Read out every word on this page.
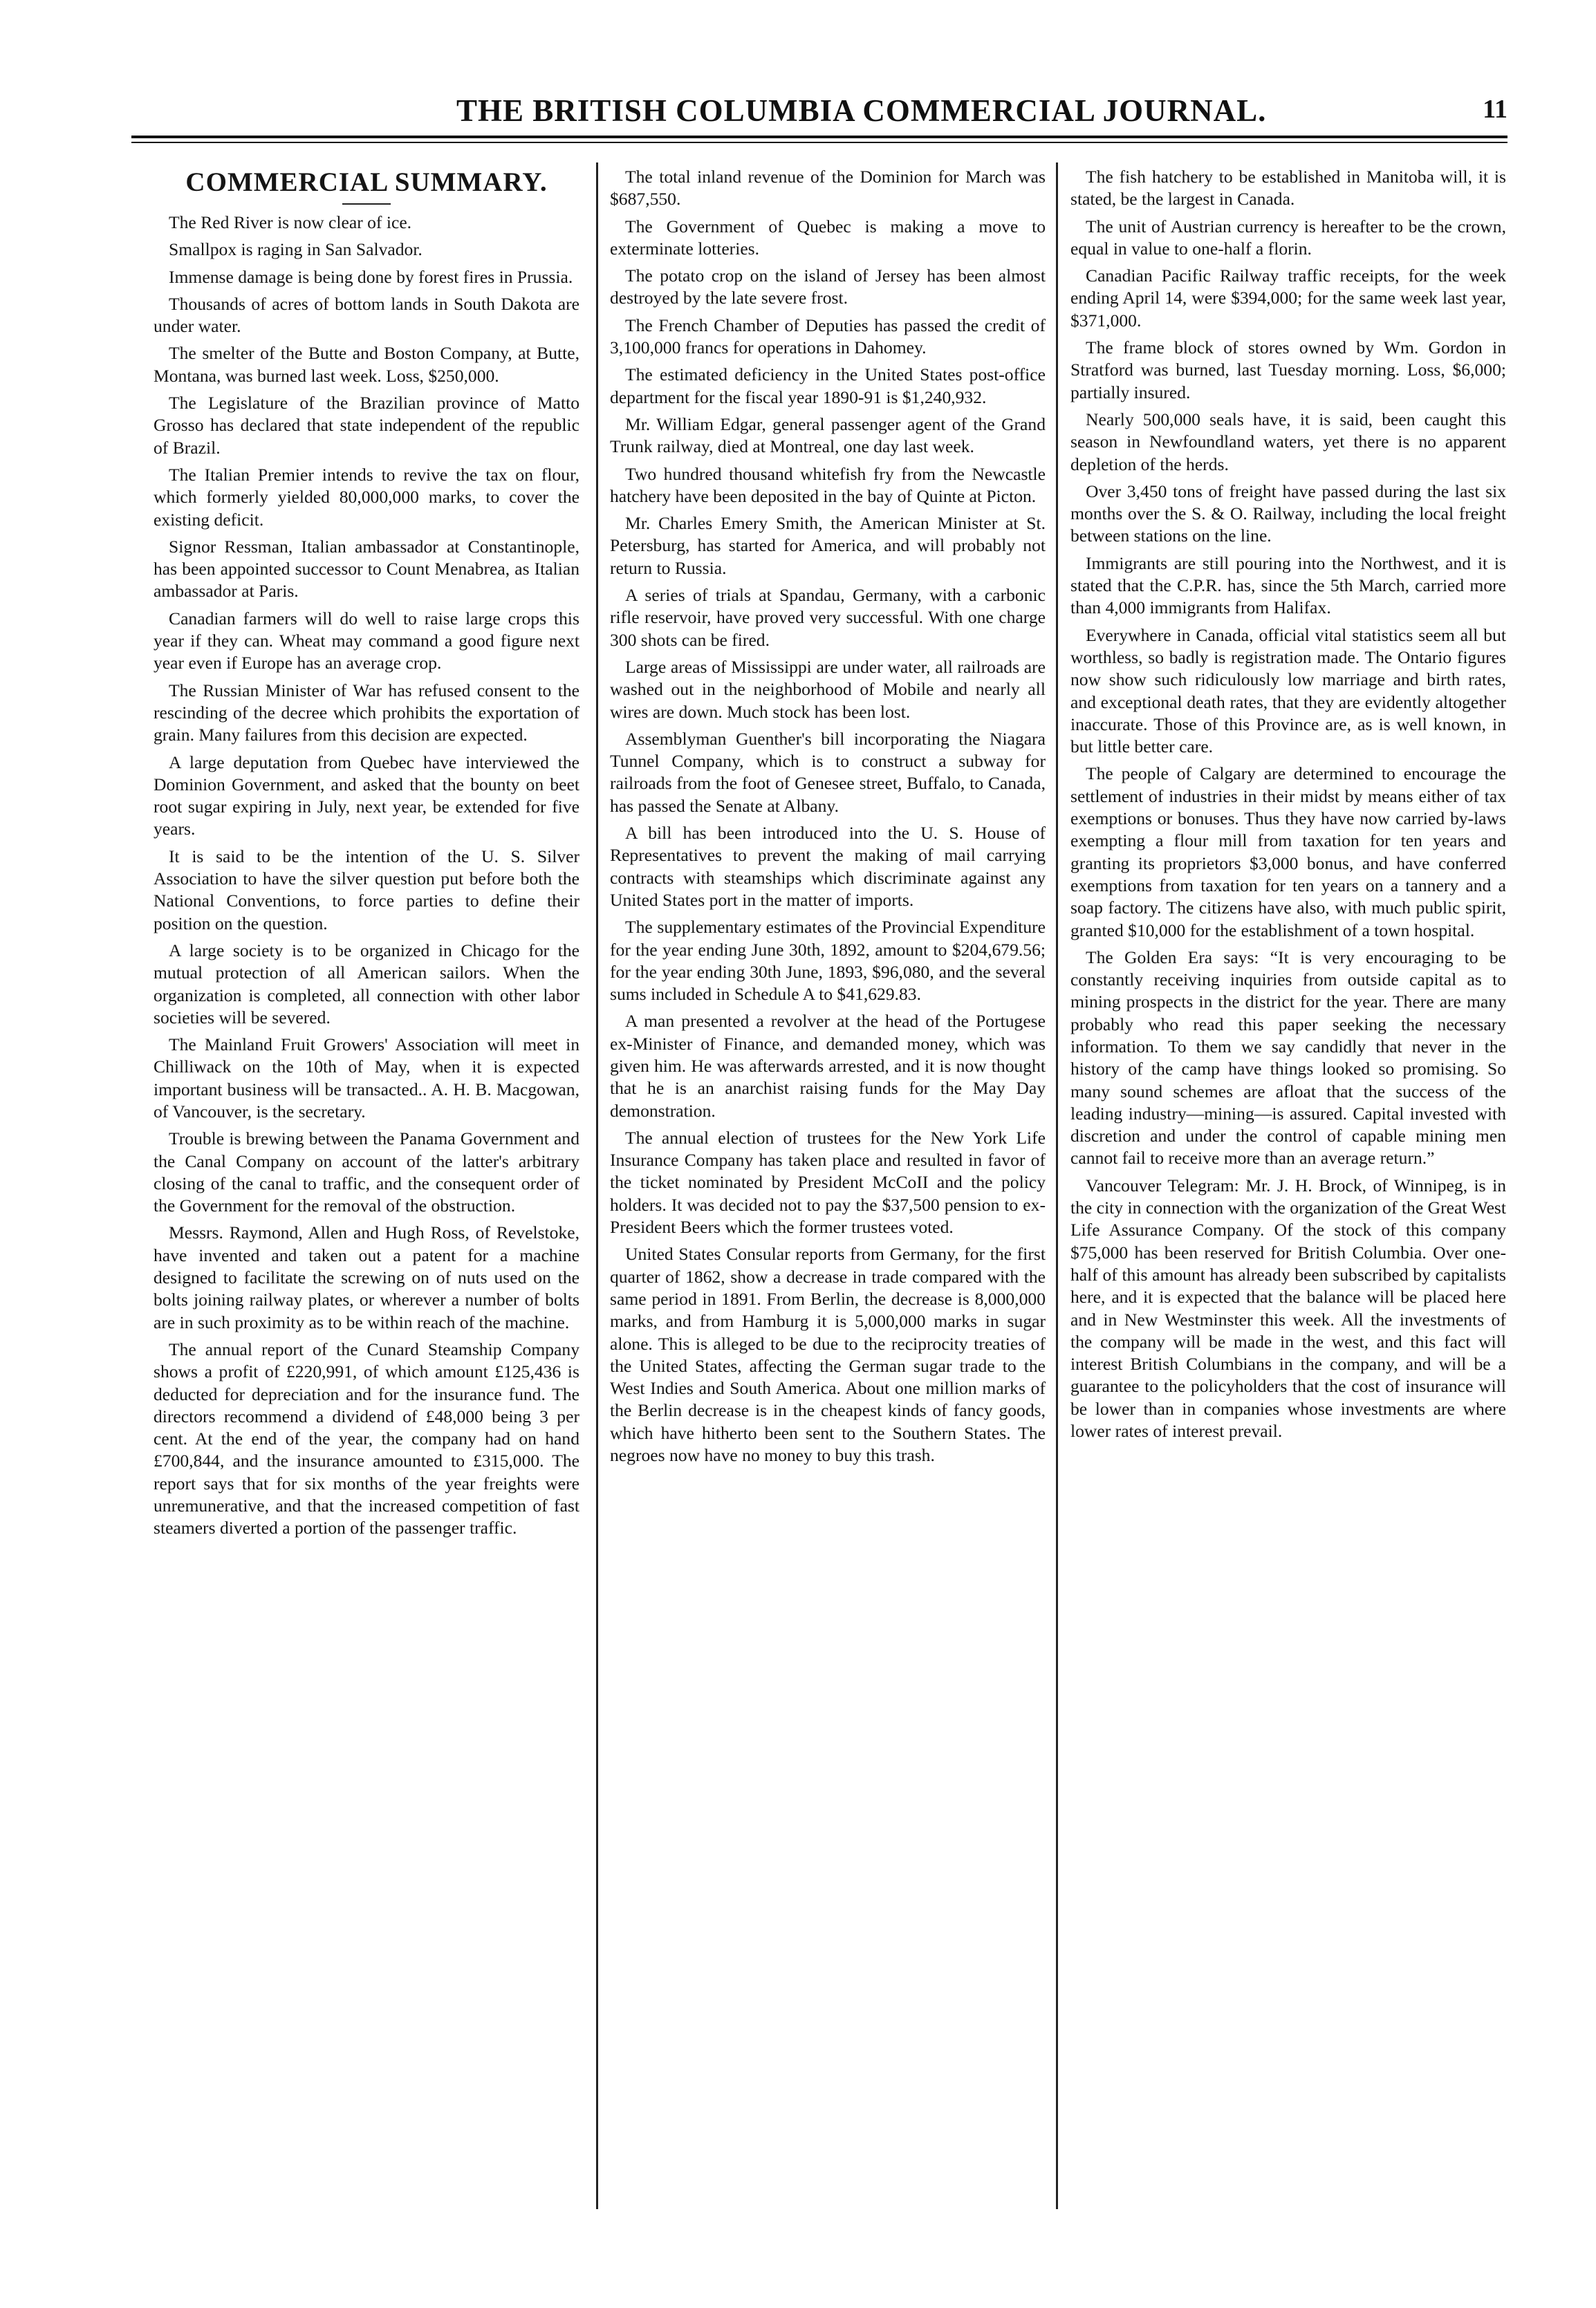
THE BRITISH COLUMBIA COMMERCIAL JOURNAL.	11
COMMERCIAL SUMMARY.

The Red River is now clear of ice.

Smallpox is raging in San Salvador.

Immense damage is being done by forest fires in Prussia.

Thousands of acres of bottom lands in South Dakota are under water.

The smelter of the Butte and Boston Company, at Butte, Montana, was burned last week. Loss, $250,000.

The Legislature of the Brazilian province of Matto Grosso has declared that state independent of the republic of Brazil.

The Italian Premier intends to revive the tax on flour, which formerly yielded 80,000,000 marks, to cover the existing deficit.

Signor Ressman, Italian ambassador at Constantinople, has been appointed successor to Count Menabrea, as Italian ambassador at Paris.

Canadian farmers will do well to raise large crops this year if they can. Wheat may command a good figure next year even if Europe has an average crop.

The Russian Minister of War has refused consent to the rescinding of the decree which prohibits the exportation of grain. Many failures from this decision are expected.

A large deputation from Quebec have interviewed the Dominion Government, and asked that the bounty on beet root sugar expiring in July, next year, be extended for five years.

It is said to be the intention of the U. S. Silver Association to have the silver question put before both the National Conventions, to force parties to define their position on the question.

A large society is to be organized in Chicago for the mutual protection of all American sailors. When the organization is completed, all connection with other labor societies will be severed.

The Mainland Fruit Growers' Association will meet in Chilliwack on the 10th of May, when it is expected important business will be transacted.. A. H. B. Macgowan, of Vancouver, is the secretary.

Trouble is brewing between the Panama Government and the Canal Company on account of the latter's arbitrary closing of the canal to traffic, and the consequent order of the Government for the removal of the obstruction.

Messrs. Raymond, Allen and Hugh Ross, of Revelstoke, have invented and taken out a patent for a machine designed to facilitate the screwing on of nuts used on the bolts joining railway plates, or wherever a number of bolts are in such proximity as to be within reach of the machine.

The annual report of the Cunard Steamship Company shows a profit of £220,991, of which amount £125,436 is deducted for depreciation and for the insurance fund. The directors recommend a dividend of £48,000 being 3 per cent. At the end of the year, the company had on hand £700,844, and the insurance amounted to £315,000. The report says that for six months of the year freights were unremunerative, and that the increased competition of fast steamers diverted a portion of the passenger traffic.

The total inland revenue of the Dominion for March was $687,550.

The Government of Quebec is making a move to exterminate lotteries.

The potato crop on the island of Jersey has been almost destroyed by the late severe frost.

The French Chamber of Deputies has passed the credit of 3,100,000 francs for operations in Dahomey.

The estimated deficiency in the United States post-office department for the fiscal year 1890-91 is $1,240,932.

Mr. William Edgar, general passenger agent of the Grand Trunk railway, died at Montreal, one day last week.

Two hundred thousand whitefish fry from the Newcastle hatchery have been deposited in the bay of Quinte at Picton.

Mr. Charles Emery Smith, the American Minister at St. Petersburg, has started for America, and will probably not return to Russia.

A series of trials at Spandau, Germany, with a carbonic rifle reservoir, have proved very successful. With one charge 300 shots can be fired.

Large areas of Mississippi are under water, all railroads are washed out in the neighborhood of Mobile and nearly all wires are down. Much stock has been lost.

Assemblyman Guenther's bill incorporating the Niagara Tunnel Company, which is to construct a subway for railroads from the foot of Genesee street, Buffalo, to Canada, has passed the Senate at Albany.

A bill has been introduced into the U. S. House of Representatives to prevent the making of mail carrying contracts with steamships which discriminate against any United States port in the matter of imports.

The supplementary estimates of the Provincial Expenditure for the year ending June 30th, 1892, amount to $204,679.56; for the year ending 30th June, 1893, $96,080, and the several sums included in Schedule A to $41,629.83.

A man presented a revolver at the head of the Portugese ex-Minister of Finance, and demanded money, which was given him. He was afterwards arrested, and it is now thought that he is an anarchist raising funds for the May Day demonstration.

The annual election of trustees for the New York Life Insurance Company has taken place and resulted in favor of the ticket nominated by President McCoII and the policy holders. It was decided not to pay the $37,500 pension to ex-President Beers which the former trustees voted.

United States Consular reports from Germany, for the first quarter of 1862, show a decrease in trade compared with the same period in 1891. From Berlin, the decrease is 8,000,000 marks, and from Hamburg it is 5,000,000 marks in sugar alone. This is alleged to be due to the reciprocity treaties of the United States, affecting the German sugar trade to the West Indies and South America. About one million marks of the Berlin decrease is in the cheapest kinds of fancy goods, which have hitherto been sent to the Southern States. The negroes now have no money to buy this trash.

The fish hatchery to be established in Manitoba will, it is stated, be the largest in Canada.

The unit of Austrian currency is hereafter to be the crown, equal in value to one-half a florin.

Canadian Pacific Railway traffic receipts, for the week ending April 14, were $394,000; for the same week last year, $371,000.

The frame block of stores owned by Wm. Gordon in Stratford was burned, last Tuesday morning. Loss, $6,000; partially insured.

Nearly 500,000 seals have, it is said, been caught this season in Newfoundland waters, yet there is no apparent depletion of the herds.

Over 3,450 tons of freight have passed during the last six months over the S. & O. Railway, including the local freight between stations on the line.

Immigrants are still pouring into the Northwest, and it is stated that the C.P.R. has, since the 5th March, carried more than 4,000 immigrants from Halifax.

Everywhere in Canada, official vital statistics seem all but worthless, so badly is registration made. The Ontario figures now show such ridiculously low marriage and birth rates, and exceptional death rates, that they are evidently altogether inaccurate. Those of this Province are, as is well known, in but little better care.

The people of Calgary are determined to encourage the settlement of industries in their midst by means either of tax exemptions or bonuses. Thus they have now carried by-laws exempting a flour mill from taxation for ten years and granting its proprietors $3,000 bonus, and have conferred exemptions from taxation for ten years on a tannery and a soap factory. The citizens have also, with much public spirit, granted $10,000 for the establishment of a town hospital.

The Golden Era says: “It is very encouraging to be constantly receiving inquiries from outside capital as to mining prospects in the district for the year. There are many probably who read this paper seeking the necessary information. To them we say candidly that never in the history of the camp have things looked so promising. So many sound schemes are afloat that the success of the leading industry—mining—is assured. Capital invested with discretion and under the control of capable mining men cannot fail to receive more than an average return.”

Vancouver Telegram: Mr. J. H. Brock, of Winnipeg, is in the city in connection with the organization of the Great West Life Assurance Company. Of the stock of this company $75,000 has been reserved for British Columbia. Over one-half of this amount has already been subscribed by capitalists here, and it is expected that the balance will be placed here and in New Westminster this week. All the investments of the company will be made in the west, and this fact will interest British Columbians in the company, and will be a guarantee to the policyholders that the cost of insurance will be lower than in companies whose investments are where lower rates of interest prevail.
